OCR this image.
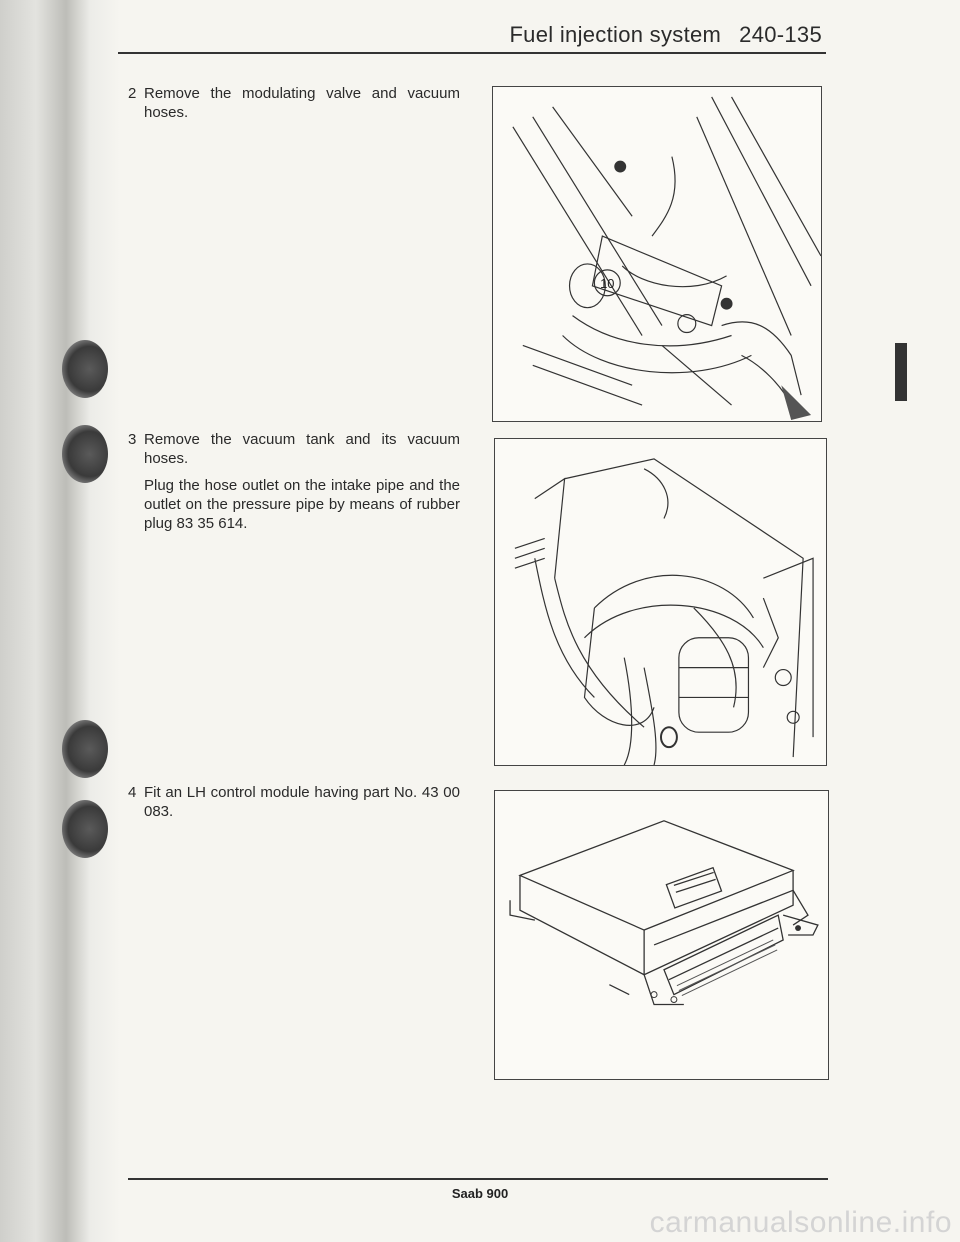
Fuel injection system 240-135
2 Remove the modulating valve and vacuum hoses.

3 Remove the vacuum tank and its vacuum hoses.

Plug the hose outlet on the intake pipe and the outlet on the pressure pipe by means of rubber plug 83 35 614.

4 Fit an LH control module having part No. 43 00 083.

10
Saab 900
carmanualsonline.info
